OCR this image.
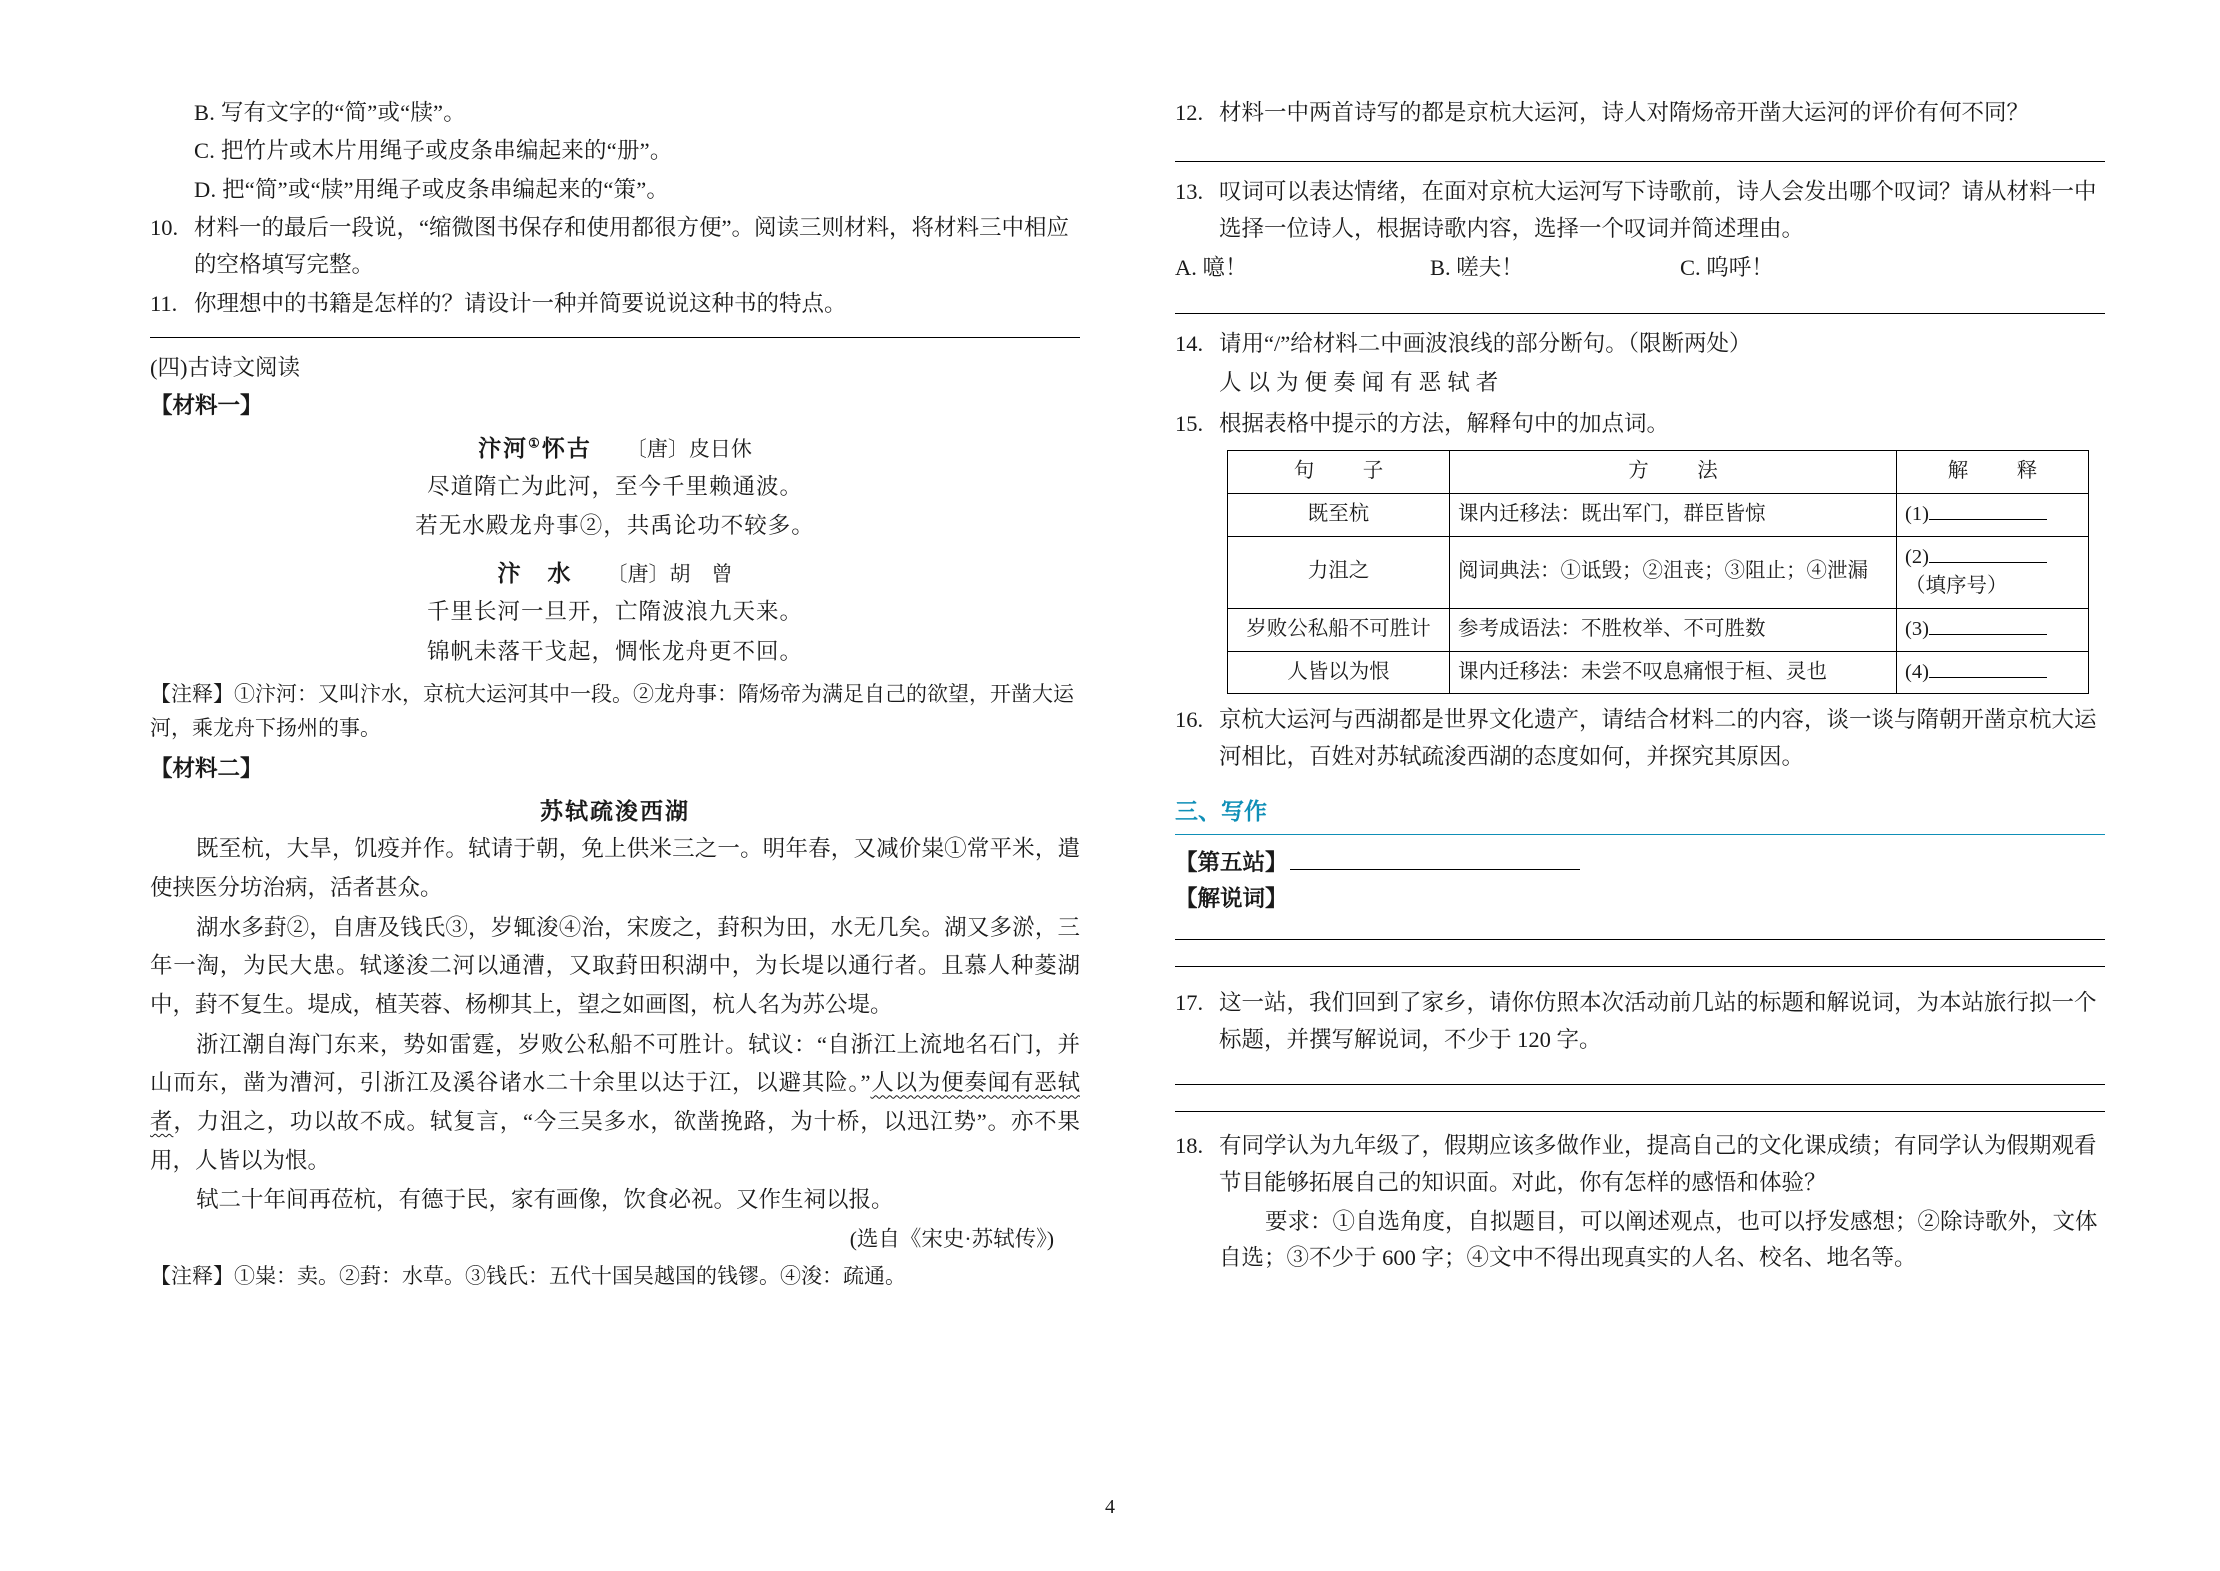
B. 写有文字的“简”或“牍”。
C. 把竹片或木片用绳子或皮条串编起来的“册”。
D. 把“简”或“牍”用绳子或皮条串编起来的“策”。
10. 材料一的最后一段说，“缩微图书保存和使用都很方便”。阅读三则材料，将材料三中相应的空格填写完整。
11. 你理想中的书籍是怎样的？请设计一种并简要说说这种书的特点。
(四)古诗文阅读
【材料一】
汴河①怀古 〔唐〕皮日休
尽道隋亡为此河，至今千里赖通波。
若无水殿龙舟事②，共禹论功不较多。
汴　水 〔唐〕胡　曾
千里长河一旦开，亡隋波浪九天来。
锦帆未落干戈起，惆怅龙舟更不回。
【注释】①汴河：又叫汴水，京杭大运河其中一段。②龙舟事：隋炀帝为满足自己的欲望，开凿大运河，乘龙舟下扬州的事。
【材料二】
苏轼疏浚西湖
既至杭，大旱，饥疫并作。轼请于朝，免上供米三之一。明年春，又减价粜①常平米，遣使挟医分坊治病，活者甚众。
湖水多葑②，自唐及钱氏③，岁辄浚④治，宋废之，葑积为田，水无几矣。湖又多淤，三年一淘，为民大患。轼遂浚二河以通漕，又取葑田积湖中，为长堤以通行者。且慕人种菱湖中，葑不复生。堤成，植芙蓉、杨柳其上，望之如画图，杭人名为苏公堤。
浙江潮自海门东来，势如雷霆，岁败公私船不可胜计。轼议：“自浙江上流地名石门，并山而东，凿为漕河，引浙江及溪谷诸水二十余里以达于江，以避其险。”人以为便奏闻有恶轼者，力沮之，功以故不成。轼复言，“今三吴多水，欲凿挽路，为十桥，以迅江势”。亦不果用，人皆以为恨。
轼二十年间再莅杭，有德于民，家有画像，饮食必祝。又作生祠以报。
(选自《宋史·苏轼传》)
【注释】①粜：卖。②葑：水草。③钱氏：五代十国吴越国的钱镠。④浚：疏通。
12. 材料一中两首诗写的都是京杭大运河，诗人对隋炀帝开凿大运河的评价有何不同？
13. 叹词可以表达情绪，在面对京杭大运河写下诗歌前，诗人会发出哪个叹词？请从材料一中选择一位诗人，根据诗歌内容，选择一个叹词并简述理由。
A. 噫！	B. 嗟夫！	C. 呜呼！
14. 请用“/”给材料二中画波浪线的部分断句。（限断两处）
人 以 为 便 奏 闻 有 恶 轼 者
15. 根据表格中提示的方法，解释句中的加点词。
句　子	方　法	解　释
既至杭	课内迁移法：既出军门，群臣皆惊	(1)
力沮之	阅词典法：①诋毁；②沮丧；③阻止；④泄漏	(2)
（填序号）

岁败公私船不可胜计	参考成语法：不胜枚举、不可胜数	(3)
人皆以为恨	课内迁移法：未尝不叹息痛恨于桓、灵也	(4)
16. 京杭大运河与西湖都是世界文化遗产，请结合材料二的内容，谈一谈与隋朝开凿京杭大运河相比，百姓对苏轼疏浚西湖的态度如何，并探究其原因。
三、写作
【第五站】
【解说词】
17. 这一站，我们回到了家乡，请你仿照本次活动前几站的标题和解说词，为本站旅行拟一个标题，并撰写解说词，不少于 120 字。
18. 有同学认为九年级了，假期应该多做作业，提高自己的文化课成绩；有同学认为假期观看节目能够拓展自己的知识面。对此，你有怎样的感悟和体验？
要求：①自选角度，自拟题目，可以阐述观点，也可以抒发感想；②除诗歌外，文体自选；③不少于 600 字；④文中不得出现真实的人名、校名、地名等。
4
